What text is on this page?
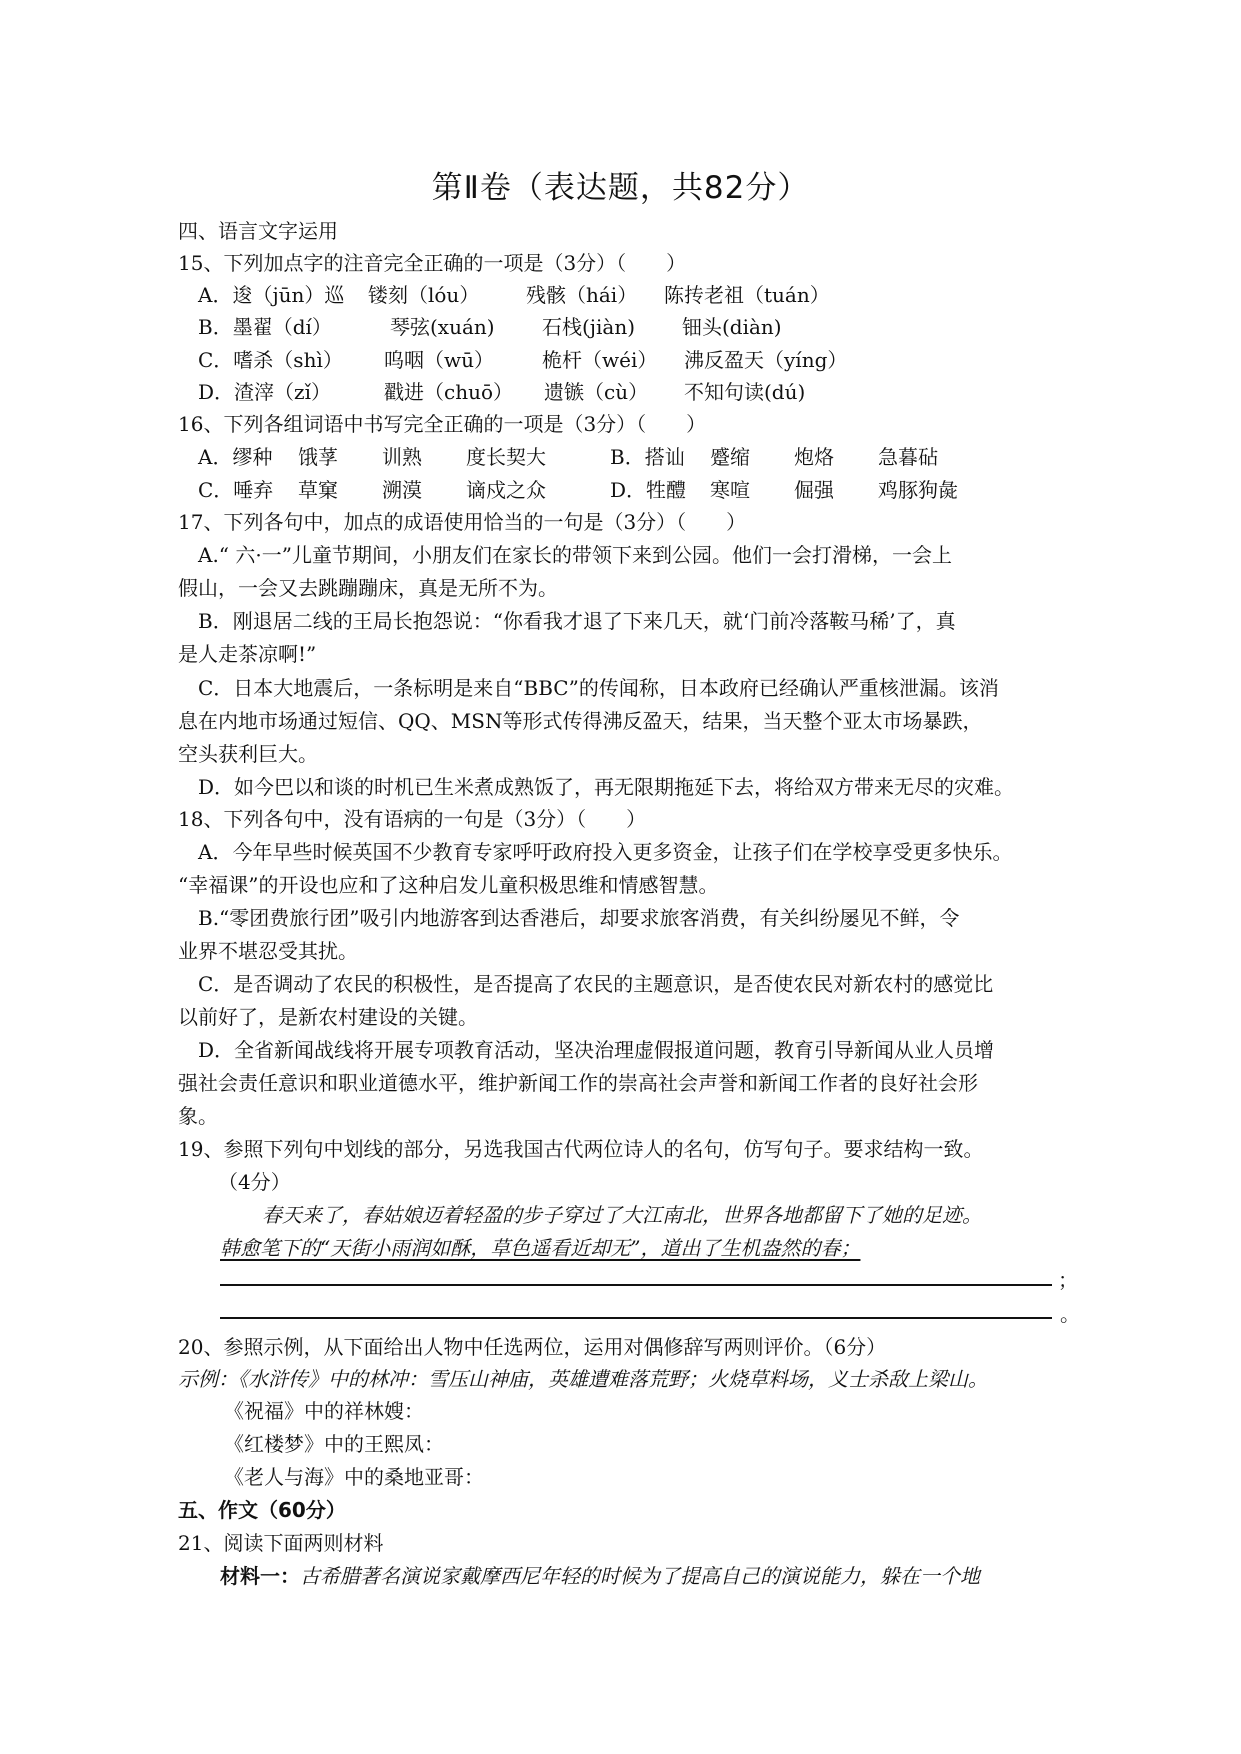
第Ⅱ卷（表达题，共82分）
四、语言文字运用
15、下列加点字的注音完全正确的一项是（3分）（　　）
A．逡（jūn）巡 镂刻（lóu） 残骸（hái） 陈抟老祖（tuán）
B．墨翟（dí）	琴弦(xuán) 石栈(jiàn) 钿头(diàn)
C．嗜杀（shì） 呜咽（wū） 桅杆（wéi） 沸反盈天（yíng）
D．渣滓（zǐ）	戳进（chuō） 遗镞（cù） 不知句读(dú)
16、下列各组词语中书写完全正确的一项是（3分）（　　）
A．缪种 饿莩 训熟 度长契大	B．搭讪 蹙缩 炮烙 急暮砧
C．唾弃 草窠 溯漠 谪戍之众	D．牲醴 寒喧 倔强 鸡豚狗彘
17、下列各句中，加点的成语使用恰当的一句是（3分）（　　）
A.“ 六·一”儿童节期间，小朋友们在家长的带领下来到公园。他们一会打滑梯，一会上
假山，一会又去跳蹦蹦床，真是无所不为。
B．刚退居二线的王局长抱怨说：“你看我才退了下来几天，就‘门前冷落鞍马稀’了，真
是人走茶凉啊!”
C．日本大地震后，一条标明是来自“BBC”的传闻称，日本政府已经确认严重核泄漏。该消
息在内地市场通过短信、QQ、MSN等形式传得沸反盈天，结果，当天整个亚太市场暴跌，
空头获利巨大。
D．如今巴以和谈的时机已生米煮成熟饭了，再无限期拖延下去，将给双方带来无尽的灾难。
18、下列各句中，没有语病的一句是（3分）（　　）
A．今年早些时候英国不少教育专家呼吁政府投入更多资金，让孩子们在学校享受更多快乐。
“幸福课”的开设也应和了这种启发儿童积极思维和情感智慧。
B.“零团费旅行团”吸引内地游客到达香港后，却要求旅客消费，有关纠纷屡见不鲜，令
业界不堪忍受其扰。
C．是否调动了农民的积极性，是否提高了农民的主题意识，是否使农民对新农村的感觉比
以前好了，是新农村建设的关键。
D．全省新闻战线将开展专项教育活动，坚决治理虚假报道问题，教育引导新闻从业人员增
强社会责任意识和职业道德水平，维护新闻工作的崇高社会声誉和新闻工作者的良好社会形
象。
19、参照下列句中划线的部分，另选我国古代两位诗人的名句，仿写句子。要求结构一致。
（4分）
春天来了，春姑娘迈着轻盈的步子穿过了大江南北，世界各地都留下了她的足迹。
韩愈笔下的“天街小雨润如酥，草色遥看近却无”，道出了生机盎然的春；
；
。
20、参照示例，从下面给出人物中任选两位，运用对偶修辞写两则评价。（6分）
示例：《水浒传》中的林冲：雪压山神庙，英雄遭难落荒野；火烧草料场，义士杀敌上梁山。
《祝福》中的祥林嫂：
《红楼梦》中的王熙凤：
《老人与海》中的桑地亚哥：
五、作文（60分）
21、阅读下面两则材料
材料一：古希腊著名演说家戴摩西尼年轻的时候为了提高自己的演说能力，躲在一个地
